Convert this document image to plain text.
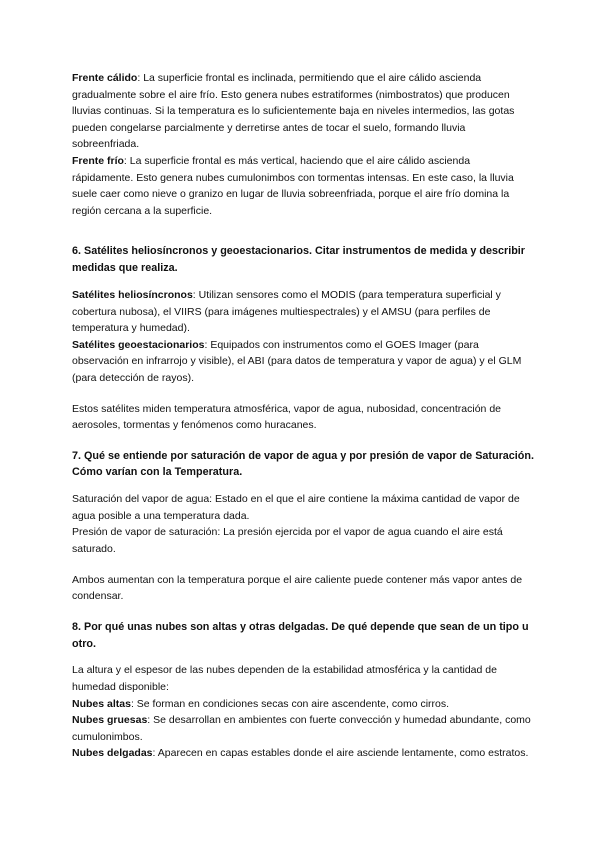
Frente cálido: La superficie frontal es inclinada, permitiendo que el aire cálido ascienda gradualmente sobre el aire frío. Esto genera nubes estratiformes (nimbostratos) que producen lluvias continuas. Si la temperatura es lo suficientemente baja en niveles intermedios, las gotas pueden congelarse parcialmente y derretirse antes de tocar el suelo, formando lluvia sobreenfriada.

Frente frío: La superficie frontal es más vertical, haciendo que el aire cálido ascienda rápidamente. Esto genera nubes cumulonimbos con tormentas intensas. En este caso, la lluvia suele caer como nieve o granizo en lugar de lluvia sobreenfriada, porque el aire frío domina la región cercana a la superficie.

6. Satélites heliosíncronos y geoestacionarios. Citar instrumentos de medida y describir medidas que realiza.

Satélites heliosíncronos: Utilizan sensores como el MODIS (para temperatura superficial y cobertura nubosa), el VIIRS (para imágenes multiespectrales) y el AMSU (para perfiles de temperatura y humedad).

Satélites geoestacionarios: Equipados con instrumentos como el GOES Imager (para observación en infrarrojo y visible), el ABI (para datos de temperatura y vapor de agua) y el GLM (para detección de rayos).

Estos satélites miden temperatura atmosférica, vapor de agua, nubosidad, concentración de aerosoles, tormentas y fenómenos como huracanes.

7. Qué se entiende por saturación de vapor de agua y por presión de vapor de Saturación. Cómo varían con la Temperatura.

Saturación del vapor de agua: Estado en el que el aire contiene la máxima cantidad de vapor de agua posible a una temperatura dada.

Presión de vapor de saturación: La presión ejercida por el vapor de agua cuando el aire está saturado.

Ambos aumentan con la temperatura porque el aire caliente puede contener más vapor antes de condensar.

8. Por qué unas nubes son altas y otras delgadas. De qué depende que sean de un tipo u otro.

La altura y el espesor de las nubes dependen de la estabilidad atmosférica y la cantidad de humedad disponible:

Nubes altas: Se forman en condiciones secas con aire ascendente, como cirros.

Nubes gruesas: Se desarrollan en ambientes con fuerte convección y humedad abundante, como cumulonimbos.

Nubes delgadas: Aparecen en capas estables donde el aire asciende lentamente, como estratos.
